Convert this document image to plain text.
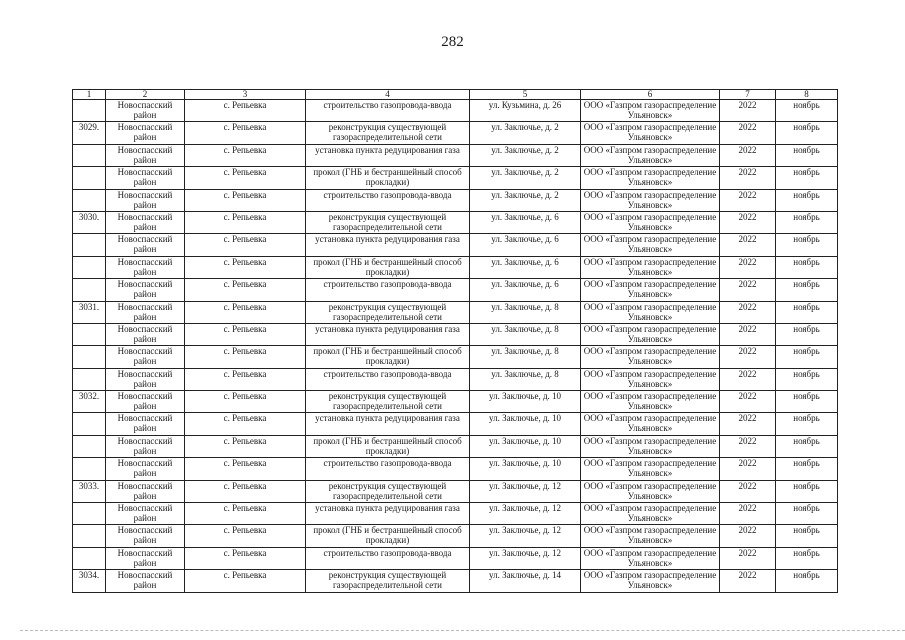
282
1	2	3	4	5	6	7	8
	Новоспасский район	с. Репьевка	строительство газопровода-ввода	ул. Кузьмина, д. 26	ООО «Газпром газораспределение Ульяновск»	2022	ноябрь
3029.	Новоспасский район	с. Репьевка	реконструкция существующей газораспределительной сети	ул. Заключье, д. 2	ООО «Газпром газораспределение Ульяновск»	2022	ноябрь
	Новоспасский район	с. Репьевка	установка пункта редуцирования газа	ул. Заключье, д. 2	ООО «Газпром газораспределение Ульяновск»	2022	ноябрь
	Новоспасский район	с. Репьевка	прокол (ГНБ и бестраншейный способ прокладки)	ул. Заключье, д. 2	ООО «Газпром газораспределение Ульяновск»	2022	ноябрь
	Новоспасский район	с. Репьевка	строительство газопровода-ввода	ул. Заключье, д. 2	ООО «Газпром газораспределение Ульяновск»	2022	ноябрь
3030.	Новоспасский район	с. Репьевка	реконструкция существующей газораспределительной сети	ул. Заключье, д. 6	ООО «Газпром газораспределение Ульяновск»	2022	ноябрь
	Новоспасский район	с. Репьевка	установка пункта редуцирования газа	ул. Заключье, д. 6	ООО «Газпром газораспределение Ульяновск»	2022	ноябрь
	Новоспасский район	с. Репьевка	прокол (ГНБ и бестраншейный способ прокладки)	ул. Заключье, д. 6	ООО «Газпром газораспределение Ульяновск»	2022	ноябрь
	Новоспасский район	с. Репьевка	строительство газопровода-ввода	ул. Заключье, д. 6	ООО «Газпром газораспределение Ульяновск»	2022	ноябрь
3031.	Новоспасский район	с. Репьевка	реконструкция существующей газораспределительной сети	ул. Заключье, д. 8	ООО «Газпром газораспределение Ульяновск»	2022	ноябрь
	Новоспасский район	с. Репьевка	установка пункта редуцирования газа	ул. Заключье, д. 8	ООО «Газпром газораспределение Ульяновск»	2022	ноябрь
	Новоспасский район	с. Репьевка	прокол (ГНБ и бестраншейный способ прокладки)	ул. Заключье, д. 8	ООО «Газпром газораспределение Ульяновск»	2022	ноябрь
	Новоспасский район	с. Репьевка	строительство газопровода-ввода	ул. Заключье, д. 8	ООО «Газпром газораспределение Ульяновск»	2022	ноябрь
3032.	Новоспасский район	с. Репьевка	реконструкция существующей газораспределительной сети	ул. Заключье, д. 10	ООО «Газпром газораспределение Ульяновск»	2022	ноябрь
	Новоспасский район	с. Репьевка	установка пункта редуцирования газа	ул. Заключье, д. 10	ООО «Газпром газораспределение Ульяновск»	2022	ноябрь
	Новоспасский район	с. Репьевка	прокол (ГНБ и бестраншейный способ прокладки)	ул. Заключье, д. 10	ООО «Газпром газораспределение Ульяновск»	2022	ноябрь
	Новоспасский район	с. Репьевка	строительство газопровода-ввода	ул. Заключье, д. 10	ООО «Газпром газораспределение Ульяновск»	2022	ноябрь
3033.	Новоспасский район	с. Репьевка	реконструкция существующей газораспределительной сети	ул. Заключье, д. 12	ООО «Газпром газораспределение Ульяновск»	2022	ноябрь
	Новоспасский район	с. Репьевка	установка пункта редуцирования газа	ул. Заключье, д. 12	ООО «Газпром газораспределение Ульяновск»	2022	ноябрь
	Новоспасский район	с. Репьевка	прокол (ГНБ и бестраншейный способ прокладки)	ул. Заключье, д. 12	ООО «Газпром газораспределение Ульяновск»	2022	ноябрь
	Новоспасский район	с. Репьевка	строительство газопровода-ввода	ул. Заключье, д. 12	ООО «Газпром газораспределение Ульяновск»	2022	ноябрь
3034.	Новоспасский район	с. Репьевка	реконструкция существующей газораспределительной сети	ул. Заключье, д. 14	ООО «Газпром газораспределение Ульяновск»	2022	ноябрь
